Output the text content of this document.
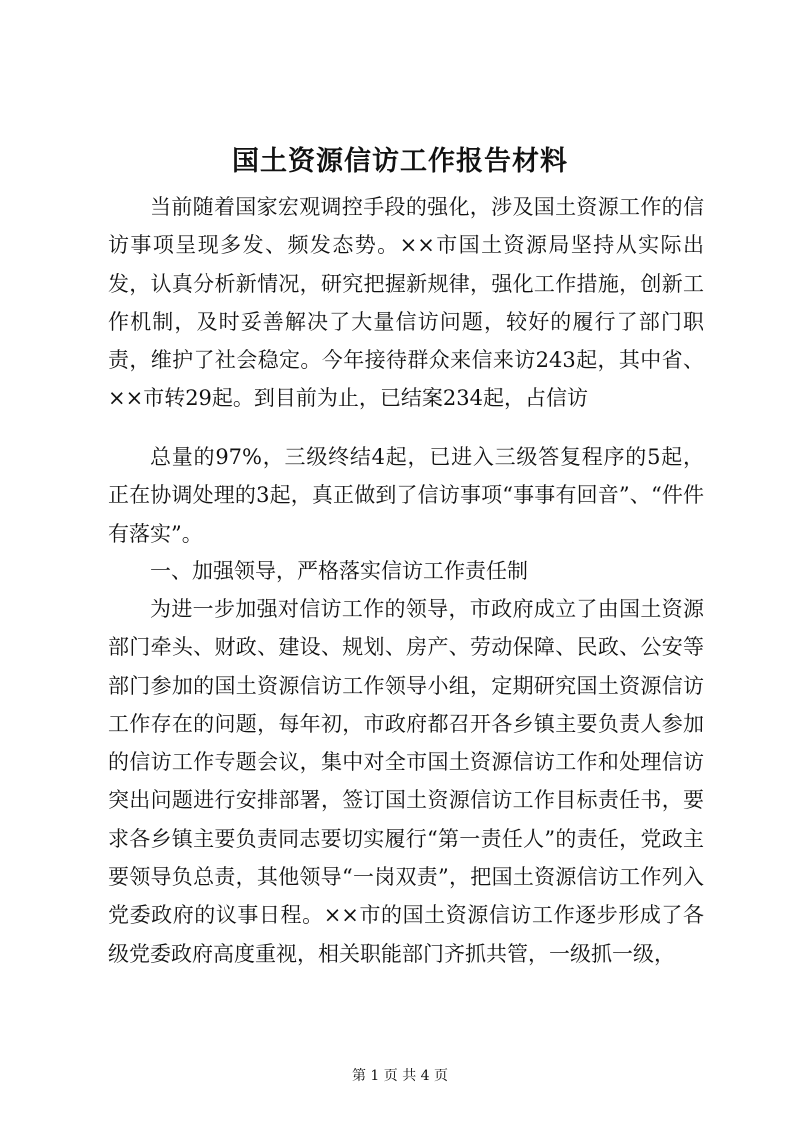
国土资源信访工作报告材料

当前随着国家宏观调控手段的强化，涉及国土资源工作的信访事项呈现多发、频发态势。××市国土资源局坚持从实际出发，认真分析新情况，研究把握新规律，强化工作措施，创新工作机制，及时妥善解决了大量信访问题，较好的履行了部门职责，维护了社会稳定。今年接待群众来信来访243起，其中省、××市转29起。到目前为止，已结案234起，占信访

总量的97%，三级终结4起，已进入三级答复程序的5起，正在协调处理的3起，真正做到了信访事项“事事有回音”、“件件有落实”。

一、加强领导，严格落实信访工作责任制

为进一步加强对信访工作的领导，市政府成立了由国土资源部门牵头、财政、建设、规划、房产、劳动保障、民政、公安等部门参加的国土资源信访工作领导小组，定期研究国土资源信访工作存在的问题，每年初，市政府都召开各乡镇主要负责人参加的信访工作专题会议，集中对全市国土资源信访工作和处理信访突出问题进行安排部署，签订国土资源信访工作目标责任书，要求各乡镇主要负责同志要切实履行“第一责任人”的责任，党政主要领导负总责，其他领导“一岗双责”，把国土资源信访工作列入党委政府的议事日程。××市的国土资源信访工作逐步形成了各级党委政府高度重视，相关职能部门齐抓共管，一级抓一级，

第 1 页 共 4 页
